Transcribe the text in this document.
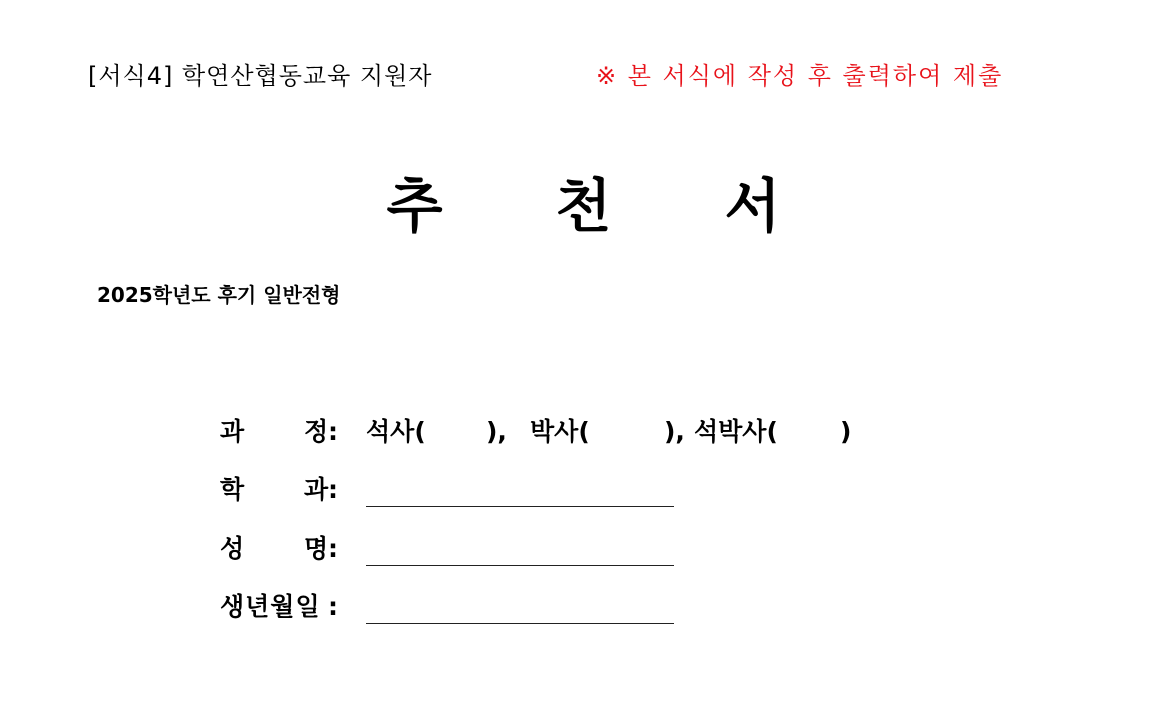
[서식4] 학연산협동교육 지원자	※ 본 서식에 작성 후 출력하여 제출
추 천 서
2025학년도 후기 일반전형
과 정 : 석사( ), 박사(	), 석박사( )
학 과 :
성 명 :
생년월일 :
